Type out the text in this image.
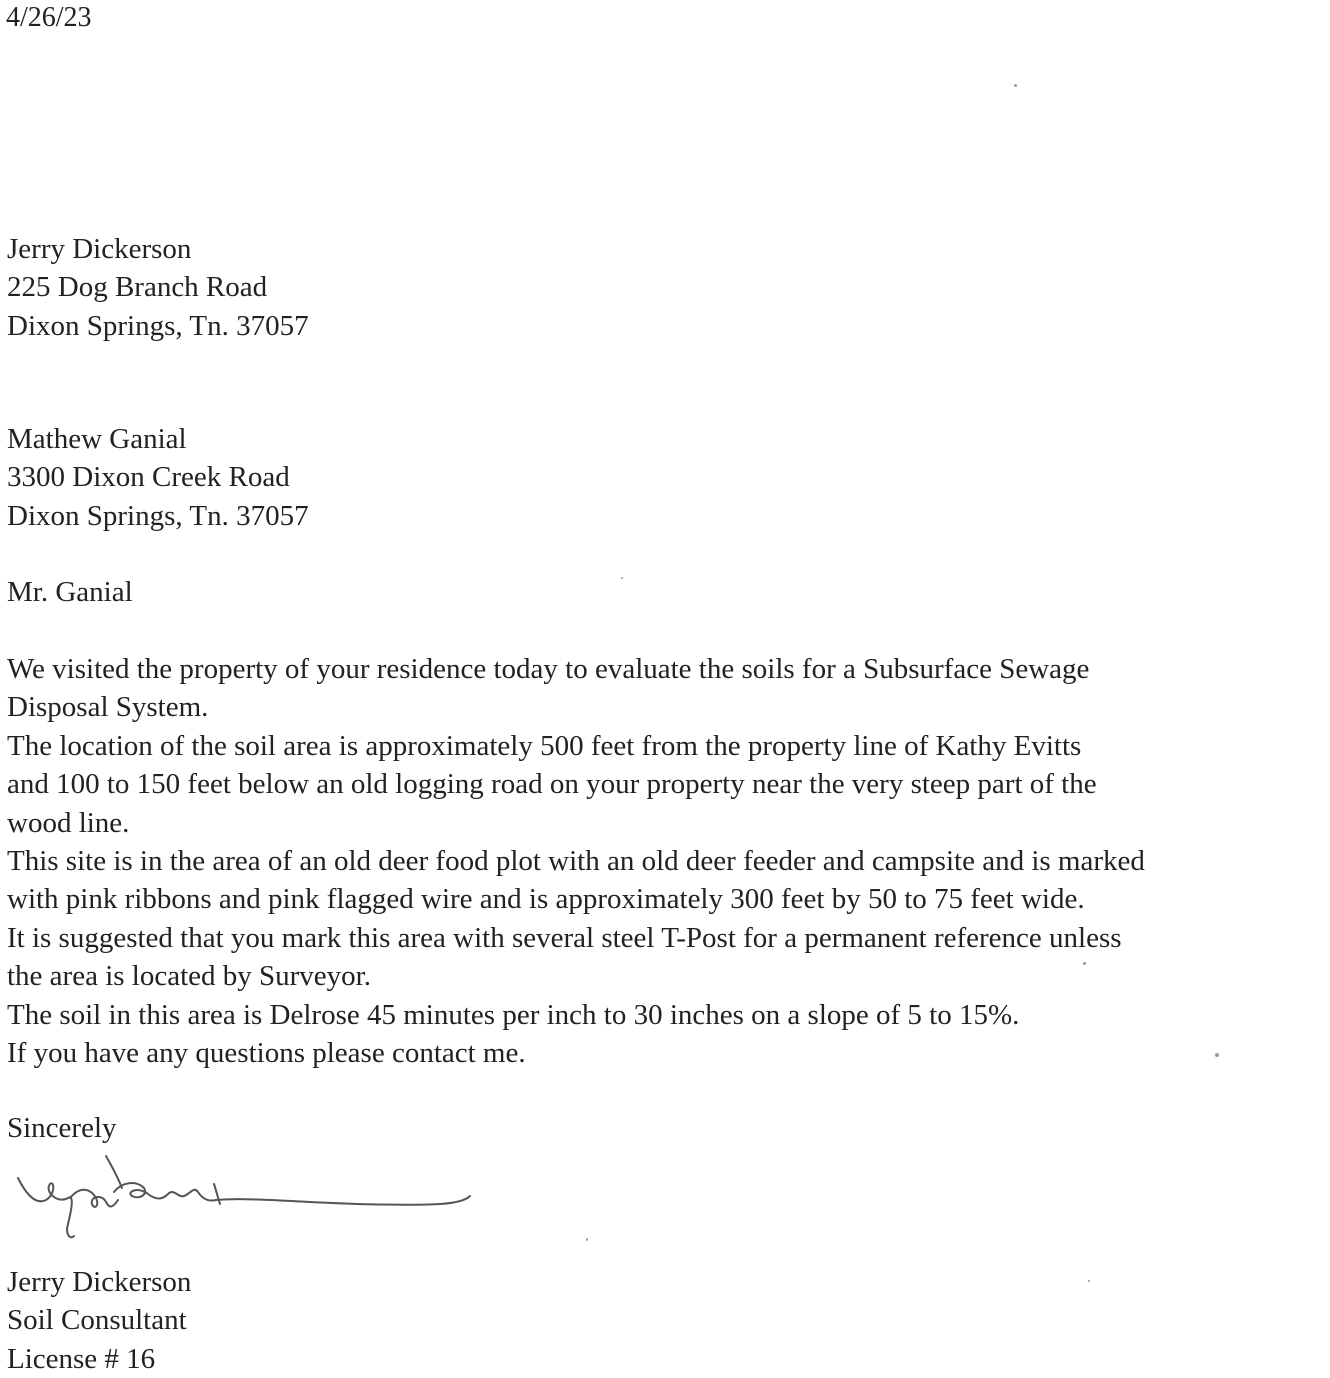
4/26/23
Jerry Dickerson
225 Dog Branch Road
Dixon Springs, Tn. 37057
Mathew Ganial
3300 Dixon Creek Road
Dixon Springs, Tn. 37057
Mr. Ganial
We visited the property of your residence today to evaluate the soils for a Subsurface Sewage
Disposal System.
The location of the soil area is approximately 500 feet from the property line of Kathy Evitts
and 100 to 150 feet below an old logging road on your property near the very steep part of the
wood line.
This site is in the area of an old deer food plot with an old deer feeder and campsite and is marked
with pink ribbons and pink flagged wire and is approximately 300 feet by 50 to 75 feet wide.
It is suggested that you mark this area with several steel T-Post for a permanent reference unless
the area is located by Surveyor.
The soil in this area is Delrose 45 minutes per inch to 30 inches on a slope of 5 to 15%.
If you have any questions please contact me.
Sincerely
Jerry Dickerson
Soil Consultant
License # 16
